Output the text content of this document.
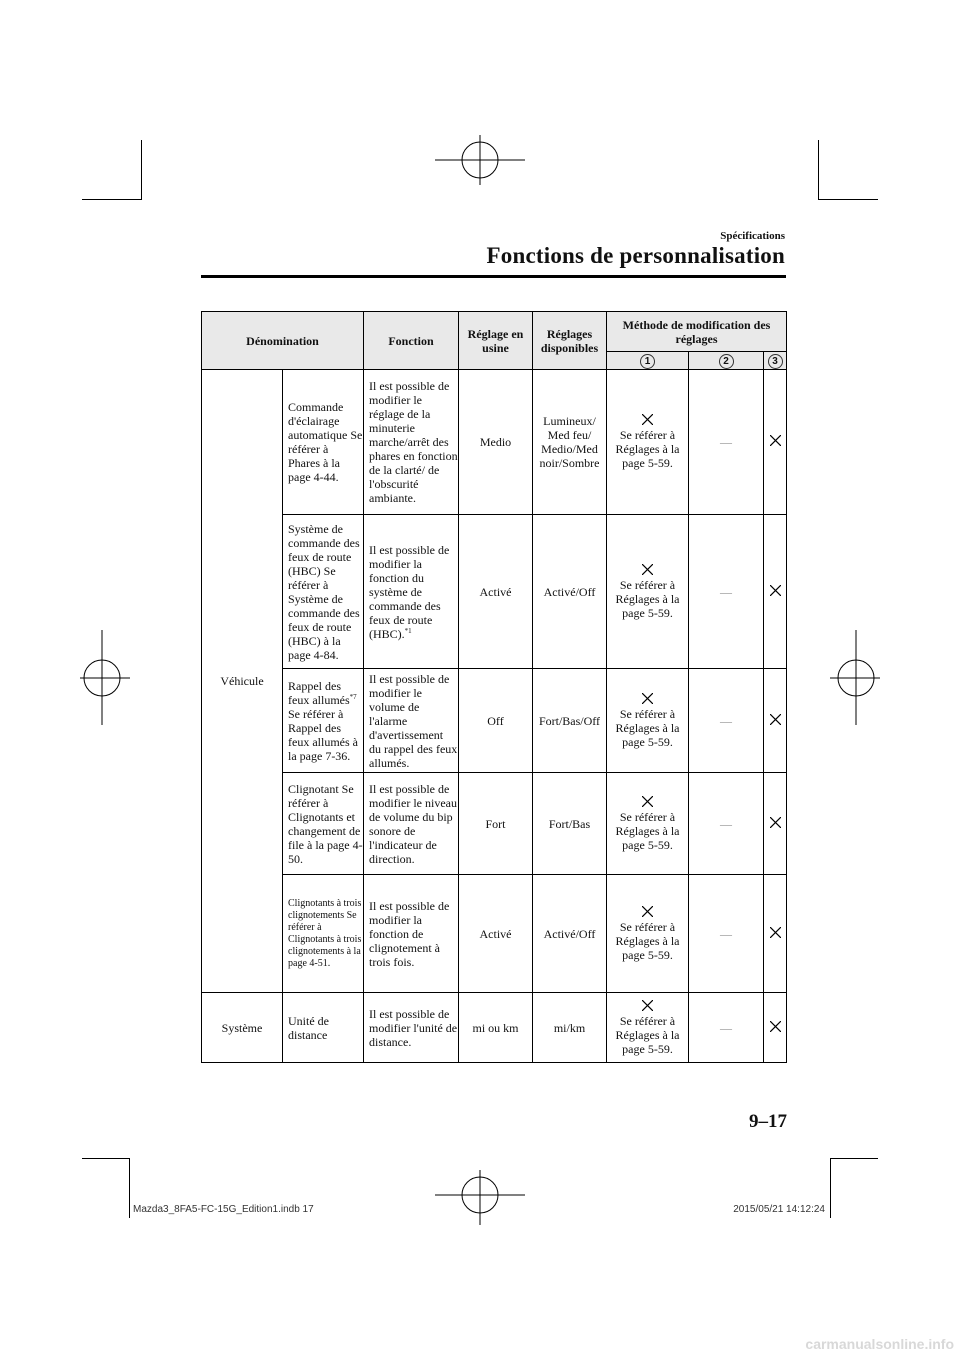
Spécifications
Fonctions de personnalisation
Dénomination		Fonction	Réglage en usine	Réglages disponibles	Méthode de modification des réglages		
					1	2	3
Véhicule	Commande d'éclairage automatique Se référer à Phares à la page 4-44.	Il est possible de modifier le réglage de la minuterie marche/arrêt des phares en fonction de la clarté/ de l'obscurité ambiante.	Medio	Lumineux/ Med feu/ Medio/Med noir/Sombre	Se référer à Réglages à la page 5-59.	—	
	Système de commande des feux de route (HBC) Se référer à Système de commande des feux de route (HBC) à la page 4-84.	Il est possible de modifier la fonction du système de commande des feux de route (HBC).$^{*1}$	Activé	Activé/Off	Se référer à Réglages à la page 5-59.	—	
	Rappel des feux allumés$^{*7}$ Se référer à Rappel des feux allumés à la page 7-36.	Il est possible de modifier le volume de l'alarme d'avertissement du rappel des feux allumés.	Off	Fort/Bas/Off	Se référer à Réglages à la page 5-59.	—	
	Clignotant Se référer à Clignotants et changement de file à la page 4-50.	Il est possible de modifier le niveau de volume du bip sonore de l'indicateur de direction.	Fort	Fort/Bas	Se référer à Réglages à la page 5-59.	—	
	Clignotants à trois clignotements Se référer à Clignotants à trois clignotements à la page 4-51.	Il est possible de modifier la fonction de clignotement à trois fois.	Activé	Activé/Off	Se référer à Réglages à la page 5-59.	—	
Système	Unité de distance	Il est possible de modifier l'unité de distance.	mi ou km	mi/km	Se référer à Réglages à la page 5-59.	—	
9–17
Mazda3_8FA5-FC-15G_Edition1.indb 17	2015/05/21 14:12:24
carmanualsonline.info
